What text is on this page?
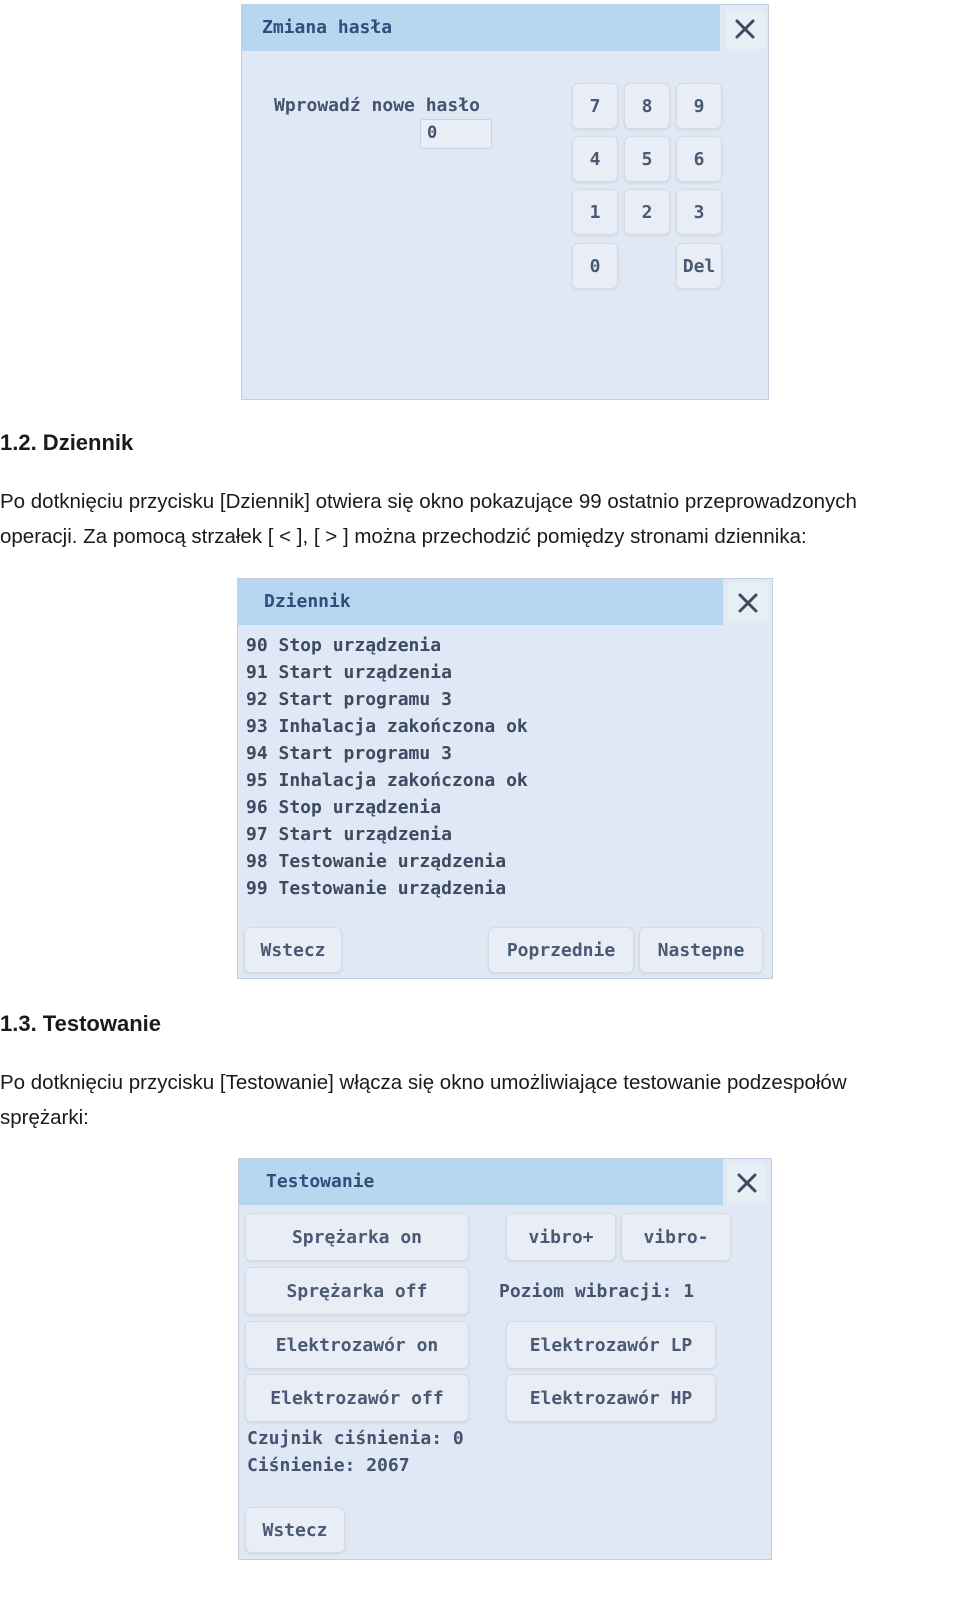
Zmiana hasła
Wprowadź nowe hasło
0
7	8	9
4	5	6
1	2	3
0	Del
1.2. Dziennik
Po dotknięciu przycisku [Dziennik] otwiera się okno pokazujące 99 ostatnio przeprowadzonych
operacji. Za pomocą strzałek [ < ], [ > ] można przechodzić pomiędzy stronami dziennika:
Dziennik
90 Stop urządzenia
91 Start urządzenia
92 Start programu 3
93 Inhalacja zakończona ok
94 Start programu 3
95 Inhalacja zakończona ok
96 Stop urządzenia
97 Start urządzenia
98 Testowanie urządzenia
99 Testowanie urządzenia
Wstecz	Poprzednie	Nastepne
1.3. Testowanie
Po dotknięciu przycisku [Testowanie] włącza się okno umożliwiające testowanie podzespołów
sprężarki:
Testowanie
Sprężarka on
Sprężarka off
Elektrozawór on
Elektrozawór off
vibro+	vibro-
Poziom wibracji: 1
Elektrozawór LP
Elektrozawór HP
Czujnik ciśnienia: 0
Ciśnienie: 2067
Wstecz
